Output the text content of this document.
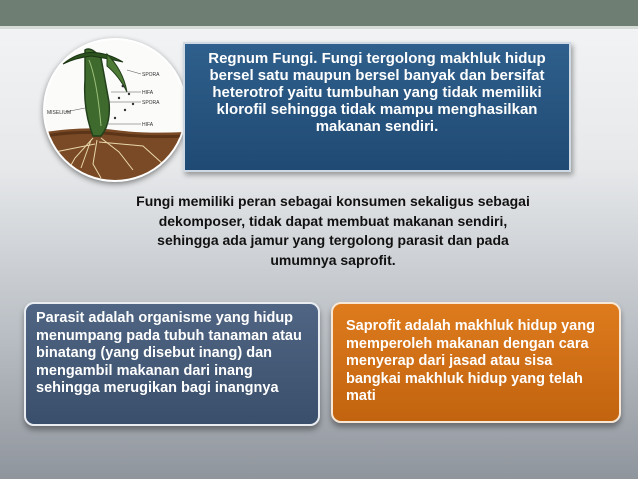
SPORA
HIFA
SPORA
MISELIUM
HIFA
Regnum Fungi. Fungi tergolong makhluk hidup bersel satu maupun bersel banyak dan bersifat heterotrof yaitu tumbuhan yang tidak memiliki klorofil sehingga tidak mampu menghasilkan makanan sendiri.
Fungi memiliki peran sebagai konsumen sekaligus sebagai dekomposer, tidak dapat membuat makanan sendiri, sehingga ada jamur yang tergolong parasit dan pada umumnya saprofit.
Parasit adalah organisme yang hidup menumpang pada tubuh tanaman atau binatang (yang disebut inang) dan mengambil makanan dari inang sehingga merugikan bagi inangnya
Saprofit adalah makhluk hidup yang memperoleh makanan dengan cara menyerap dari jasad atau sisa bangkai makhluk hidup yang telah mati
